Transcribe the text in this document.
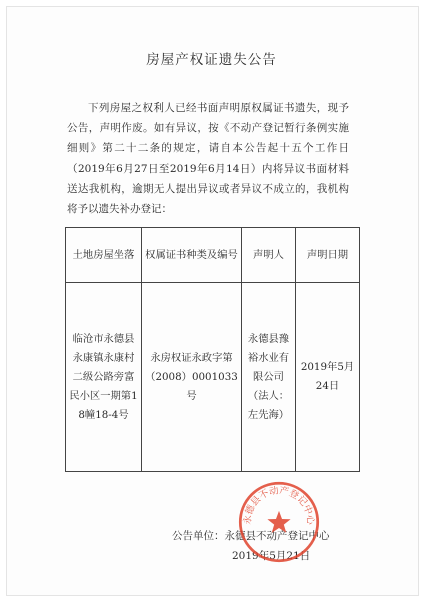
房屋产权证遗失公告

下列房屋之权利人已经书面声明原权属证书遗失，现予公告，声明作废。如有异议，按《不动产登记暂行条例实施细则》第二十二条的规定，请自本公告起十五个工作日（2019年6月27日至2019年6月14日）内将异议书面材料送达我机构，逾期无人提出异议或者异议不成立的，我机构将予以遗失补办登记：

土地房屋坐落	权属证书种类及编号	声明人	声明日期
临沧市永德县永康镇永康村二级公路旁富民小区一期第18幢18-4号	永房权证永政字第（2008）0001033号	永德县豫裕水业有限公司（法人：左先海）	2019年5月24日
公告单位：永德县不动产登记中心
2019年5月21日
永德县不动产登记中心
